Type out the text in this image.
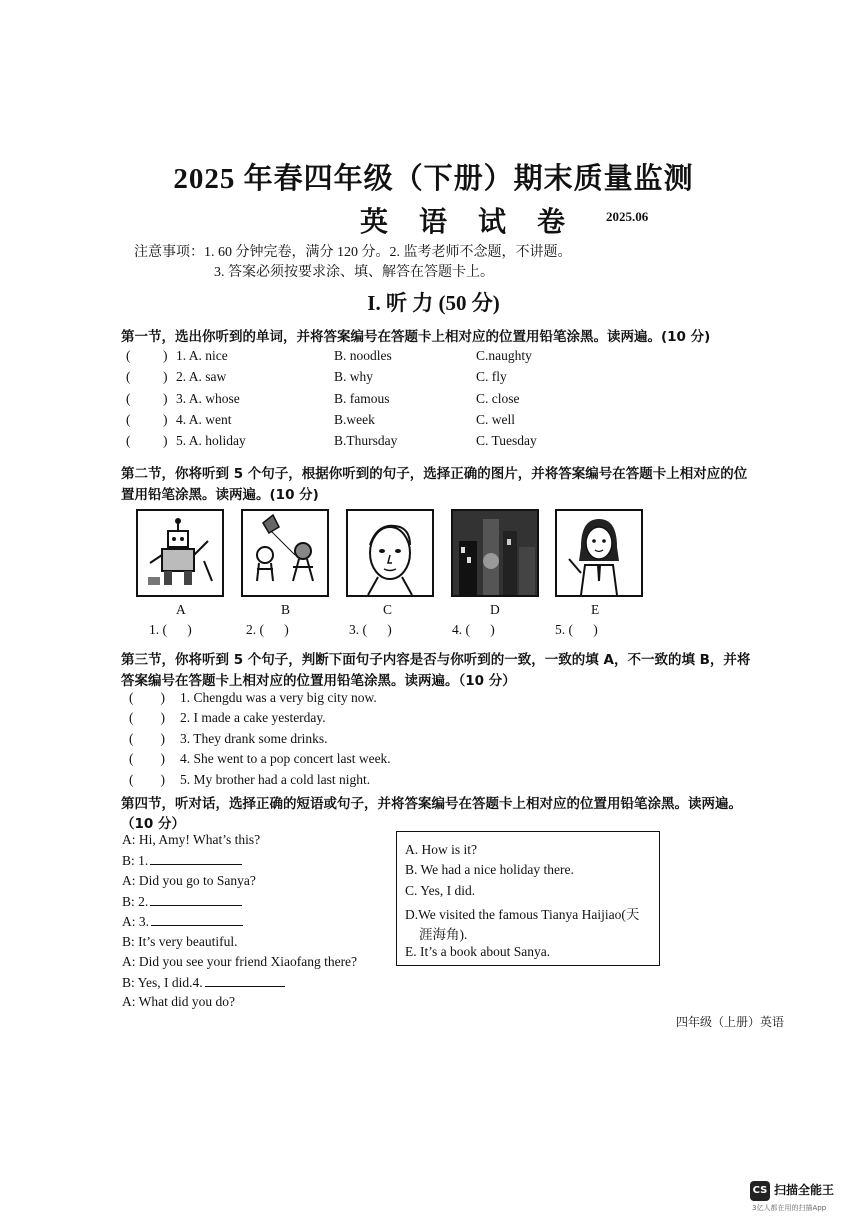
2025 年春四年级（下册）期末质量监测
英 语 试 卷 2025.06
注意事项：1. 60 分钟完卷，满分 120 分。2. 监考老师不念题，不讲题。
3. 答案必须按要求涂、填、解答在答题卡上。
I. 听 力 (50 分)
第一节，选出你听到的单词，并将答案编号在答题卡上相对应的位置用铅笔涂黑。读两遍。(10 分)
( ) 1. A. nice	B. noodles	C.naughty
( ) 2. A. saw	B. why	C. fly
( ) 3. A. whose	B. famous	C. close
( ) 4. A. went	B.week	C. well
( ) 5. A. holiday	B.Thursday	C. Tuesday
第二节，你将听到 5 个句子，根据你听到的句子，选择正确的图片，并将答案编号在答题卡上相对应的位
置用铅笔涂黑。读两遍。(10 分)
A	B	C	D	E
1. (      )	2. (      )	3. (      )	4. (      )	5. (      )
第三节，你将听到 5 个句子，判断下面句子内容是否与你听到的一致，一致的填 A，不一致的填 B，并将
答案编号在答题卡上相对应的位置用铅笔涂黑。读两遍。（10 分）
(        ) 1. Chengdu was a very big city now.
(        ) 2. I made a cake yesterday.
(        ) 3. They drank some drinks.
(        ) 4. She went to a pop concert last week.
(        ) 5. My brother had a cold last night.
第四节，听对话，选择正确的短语或句子，并将答案编号在答题卡上相对应的位置用铅笔涂黑。读两遍。
（10 分）
A: Hi, Amy! What’s this?
B: 1.
A: Did you go to Sanya?
B: 2.
A: 3.
B: It’s very beautiful.
A: Did you see your friend Xiaofang there?
B: Yes, I did.4.
A: What did you do?
A. How is it?
B. We had a nice holiday there.
C. Yes, I did.
D.We visited the famous Tianya Haijiao(天
涯海角).
E. It’s a book about Sanya.
四年级（上册）英语
CS 扫描全能王
3亿人都在用的扫描App
